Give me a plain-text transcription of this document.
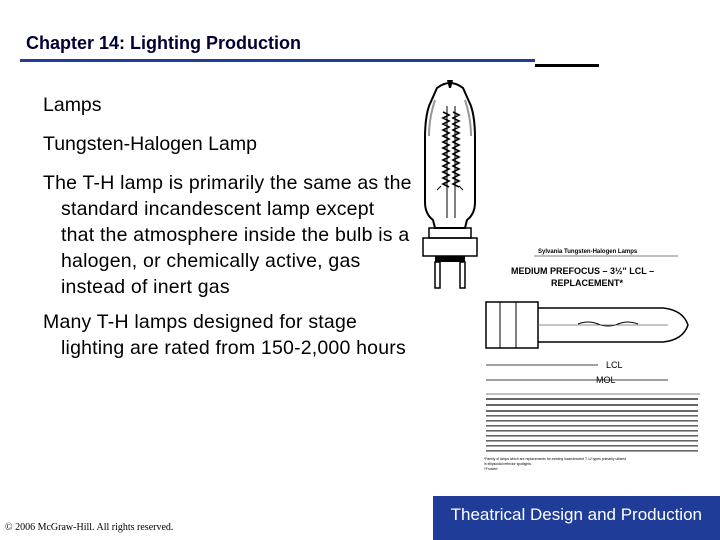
Chapter 14: Lighting Production

Lamps

Tungsten-Halogen Lamp

The T-H lamp is primarily the same as the standard incandescent lamp except that the atmosphere inside the bulb is a halogen, or chemically active, gas instead of inert gas

Many T-H lamps designed for stage lighting are rated from 150-2,000 hours

Sylvania Tungsten-Halogen Lamps
MEDIUM PREFOCUS – 3½" LCL –
REPLACEMENT*
LCL
MOL
*Family of lamps which are replacements for existing incandescent T-12 types primarily utilized
in ellipsoidal reflector spotlights.
†Frosted
Theatrical Design and Production
© 2006 McGraw-Hill. All rights reserved.
